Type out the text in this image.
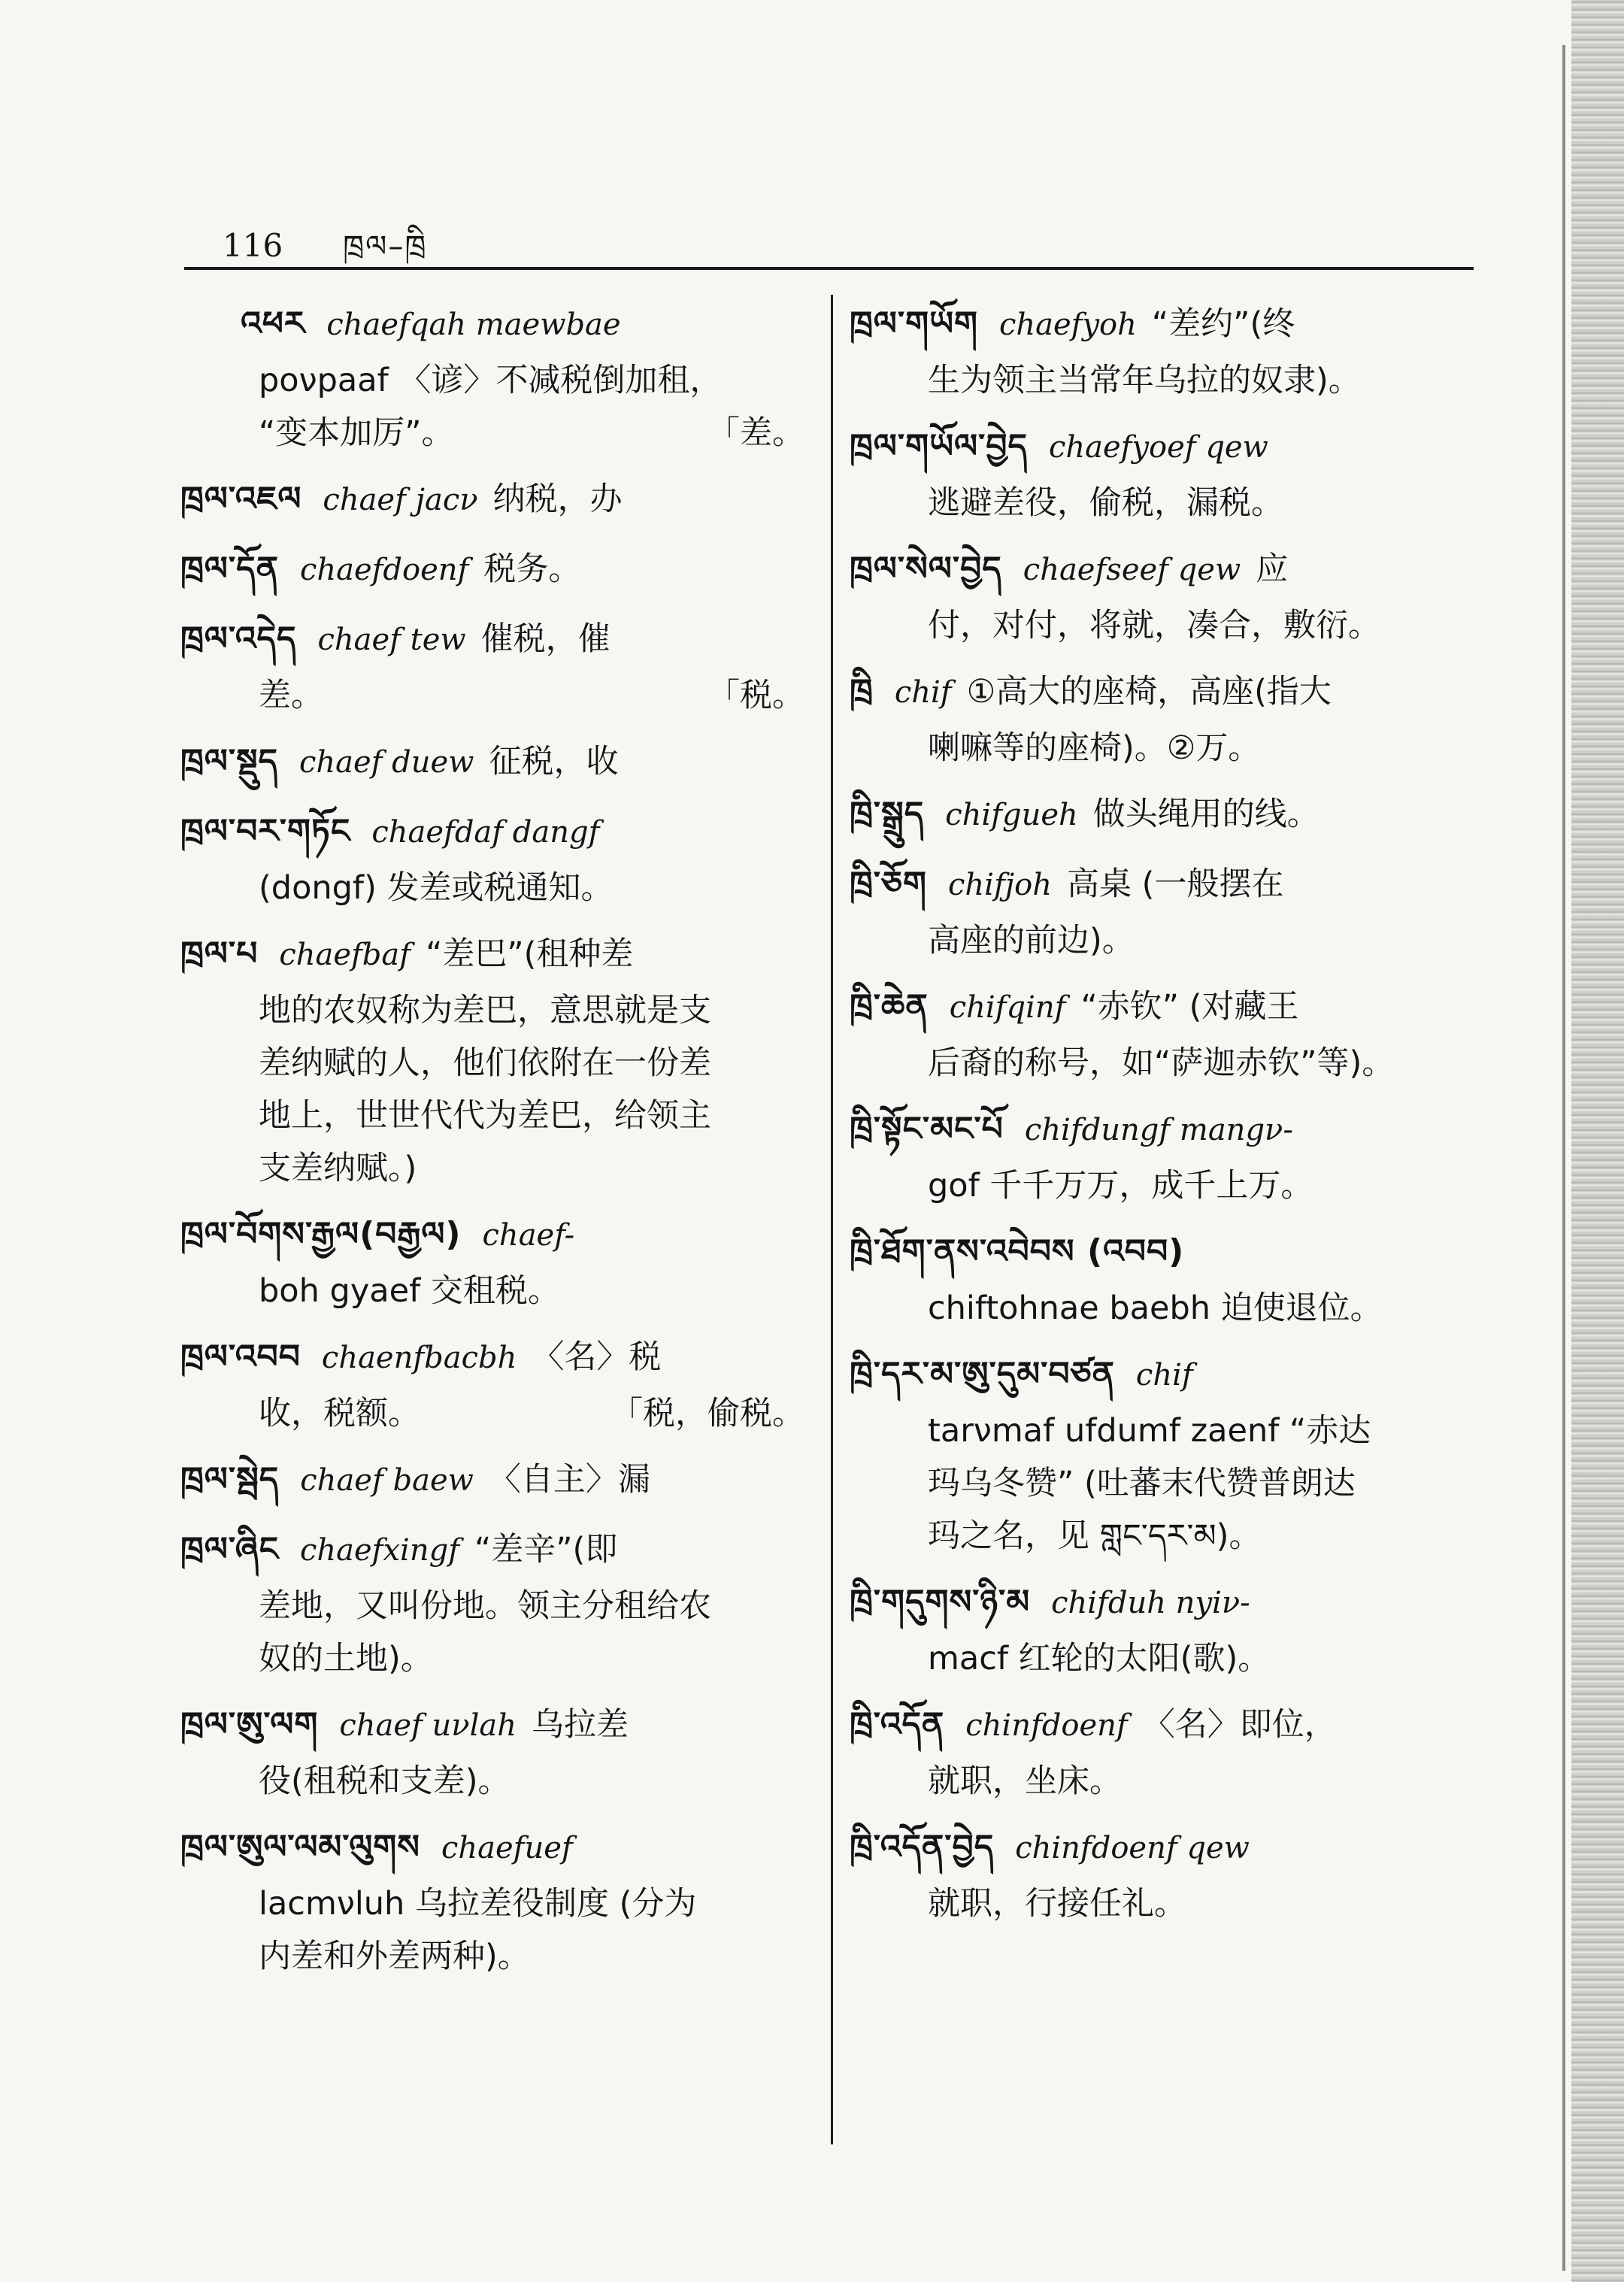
116 ཁྲལ–ཁྲི
འཕར chaefqah maewbae
poνpaaf 〈谚〉不减税倒加租，
「差。
“变本加厉”。
ཁྲལ་འཇལ chaef jacν 纳税，办
ཁྲལ་དོན chaefdoenf 税务。
ཁྲལ་འདེད chaef tew 催税，催
「税。
差。
ཁྲལ་སྡུད chaef duew 征税，收
ཁྲལ་བར་གཏོང chaefdaf dangf
(dongf) 发差或税通知。
ཁྲལ་པ chaefbaf “差巴”(租种差
地的农奴称为差巴，意思就是支
差纳赋的人，他们依附在一份差
地上，世世代代为差巴，给领主
支差纳赋。)
ཁྲལ་བོགས་རྒྱལ(བརྒྱལ) chaef-
boh gyaef 交租税。
ཁྲལ་འབབ chaenfbacbh 〈名〉税
「税，偷税。
收，税额。
ཁྲལ་སྦེད chaef baew 〈自主〉漏
ཁྲལ་ཞིང chaefxingf “差辛”(即
差地，又叫份地。领主分租给农
奴的土地)。
ཁྲལ་ཨུ་ལག chaef uνlah 乌拉差
役(租税和支差)。
ཁྲལ་ཨུལ་ལམ་ལུགས chaefuef
lacmνluh 乌拉差役制度 (分为
内差和外差两种)。
ཁྲལ་གཡོག chaefyoh “差约”(终
生为领主当常年乌拉的奴隶)。
ཁྲལ་གཡོལ་བྱེད chaefyoef qew
逃避差役，偷税，漏税。
ཁྲལ་སེལ་བྱེད chaefseef qew 应
付，对付，将就，凑合，敷衍。
ཁྲི chif ①高大的座椅，高座(指大
喇嘛等的座椅)。②万。
ཁྲི་སྒྲུད chifgueh 做头绳用的线。
ཁྲི་ཅོག chifjoh 高桌 (一般摆在
高座的前边)。
ཁྲི་ཆེན chifqinf “赤钦” (对藏王
后裔的称号，如“萨迦赤钦”等)。
ཁྲི་སྟོང་མང་པོ chifdungf mangν-
gof 千千万万，成千上万。
ཁྲི་ཐོག་ནས་འབེབས (འབབ)
chiftohnae baebh 迫使退位。
ཁྲི་དར་མ་ཨུ་དུམ་བཙན chif
tarνmaf ufdumf zaenf “赤达
玛乌冬赞” (吐蕃末代赞普朗达
玛之名，见 གླང་དར་མ)。
ཁྲི་གདུགས་ཉི་མ chifduh nyiν-
macf 红轮的太阳(歌)。
ཁྲི་འདོན chinfdoenf 〈名〉即位，
就职，坐床。
ཁྲི་འདོན་བྱེད chinfdoenf qew
就职，行接任礼。
